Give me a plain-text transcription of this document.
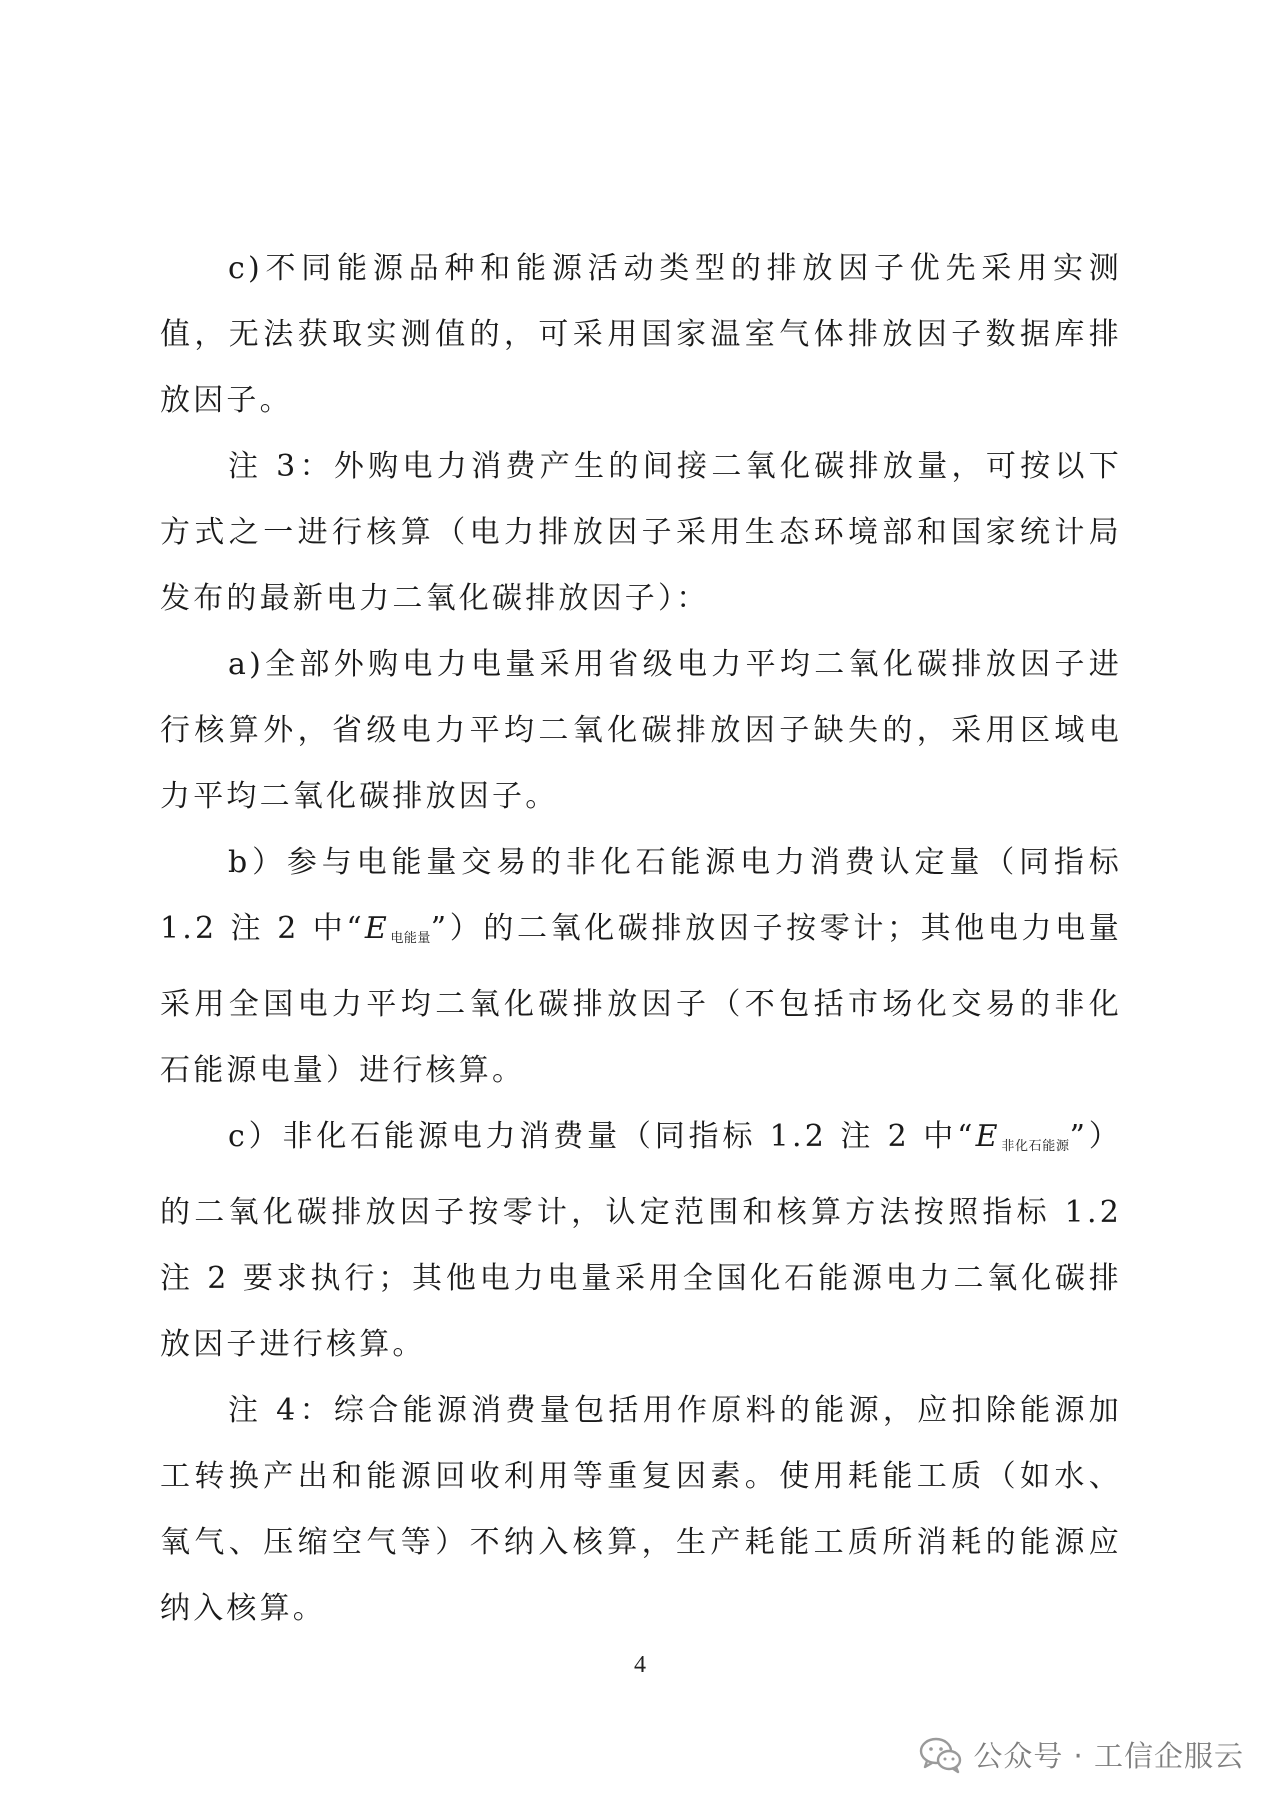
c)不同能源品种和能源活动类型的排放因子优先采用实测值，无法获取实测值的，可采用国家温室气体排放因子数据库排放因子。

注 3：外购电力消费产生的间接二氧化碳排放量，可按以下方式之一进行核算（电力排放因子采用生态环境部和国家统计局发布的最新电力二氧化碳排放因子）：

a)全部外购电力电量采用省级电力平均二氧化碳排放因子进行核算外，省级电力平均二氧化碳排放因子缺失的，采用区域电力平均二氧化碳排放因子。

b）参与电能量交易的非化石能源电力消费认定量（同指标1.2 注 2 中“$E_{电能量}$”）的二氧化碳排放因子按零计；其他电力电量采用全国电力平均二氧化碳排放因子（不包括市场化交易的非化石能源电量）进行核算。

c）非化石能源电力消费量（同指标 1.2 注 2 中“$E_{非化石能源}$”）的二氧化碳排放因子按零计，认定范围和核算方法按照指标 1.2 注 2 要求执行；其他电力电量采用全国化石能源电力二氧化碳排放因子进行核算。

注 4：综合能源消费量包括用作原料的能源，应扣除能源加工转换产出和能源回收利用等重复因素。使用耗能工质（如水、氧气、压缩空气等）不纳入核算，生产耗能工质所消耗的能源应纳入核算。

4
公众号 · 工信企服云
